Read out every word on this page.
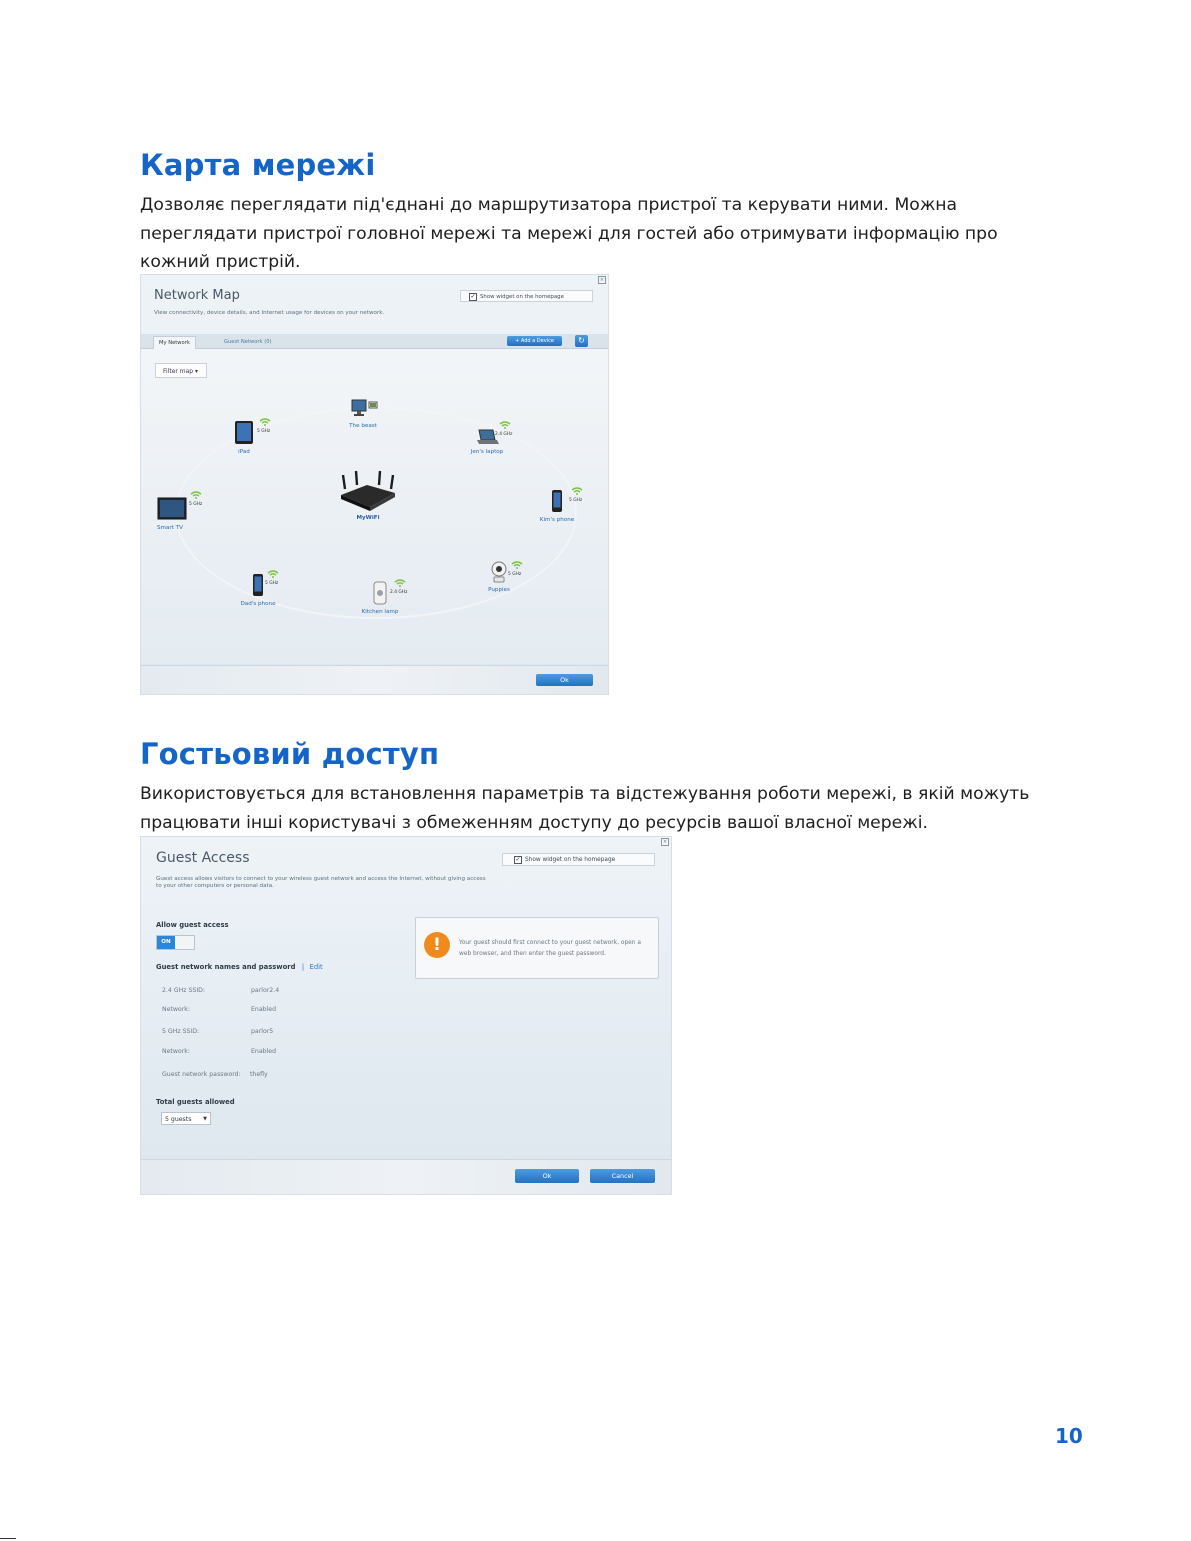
Карта мережі

Дозволяє переглядати під'єднані до маршрутизатора пристрої та керувати ними. Можна переглядати пристрої головної мережі та мережі для гостей або отримувати інформацію про кожний пристрій.

×
Network Map
View connectivity, device details, and Internet usage for devices on your network.
✓ Show widget on the homepage
My Network	Guest Network (0)	+ Add a Device	↻
Filter map ▾
MyWiFi
The beast
iPad
5 GHz
Jen's laptop
2.4 GHz
Smart TV
5 GHz
Kim's phone
5 GHz
Dad's phone
5 GHz
Kitchen lamp
2.4 GHz	Puppies
5 GHz
Ok
Гостьовий доступ

Використовується для встановлення параметрів та відстежування роботи мережі, в якій можуть працювати інші користувачі з обмеженням доступу до ресурсів вашої власної мережі.

×
Guest Access
Guest access allows visitors to connect to your wireless guest network and access the Internet, without giving access to your other computers or personal data.
✓ Show widget on the homepage
Allow guest access
ON
Guest network names and password | Edit
2.4 GHz SSID:	parlor2.4
Network:	Enabled
5 GHz SSID:	parlor5
Network:	Enabled
Guest network password: thefly
Total guests allowed
5 guests ▼
!	Your guest should first connect to your guest network, open a web browser, and then enter the guest password.
Ok	Cancel
10
